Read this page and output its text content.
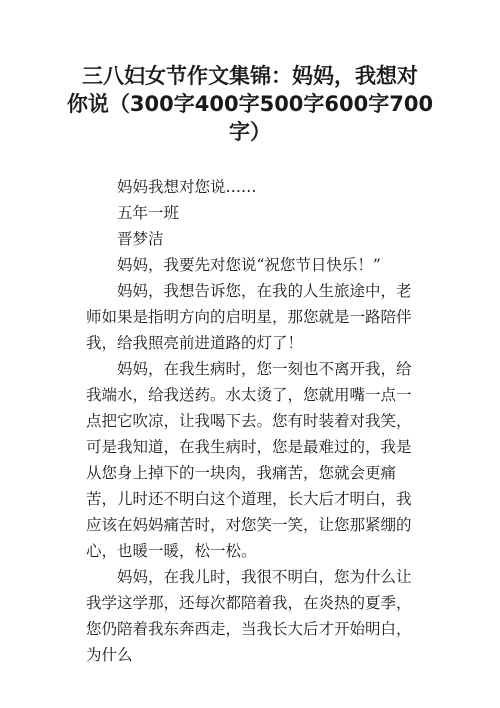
三八妇女节作文集锦：妈妈，我想对
你说（300字400字500字600字700
字）

妈妈我想对您说……

五年一班

晋梦洁

妈妈，我要先对您说“祝您节日快乐！”

妈妈，我想告诉您，在我的人生旅途中，老师如果是指明方向的启明星，那您就是一路陪伴我，给我照亮前进道路的灯了！

妈妈，在我生病时，您一刻也不离开我，给我端水，给我送药。水太烫了，您就用嘴一点一点把它吹凉，让我喝下去。您有时装着对我笑，可是我知道，在我生病时，您是最难过的，我是从您身上掉下的一块肉，我痛苦，您就会更痛苦，儿时还不明白这个道理，长大后才明白，我应该在妈妈痛苦时，对您笑一笑，让您那紧绷的心，也暖一暖，松一松。

妈妈，在我儿时，我很不明白，您为什么让我学这学那，还每次都陪着我，在炎热的夏季，您仍陪着我东奔西走，当我长大后才开始明白，为什么
